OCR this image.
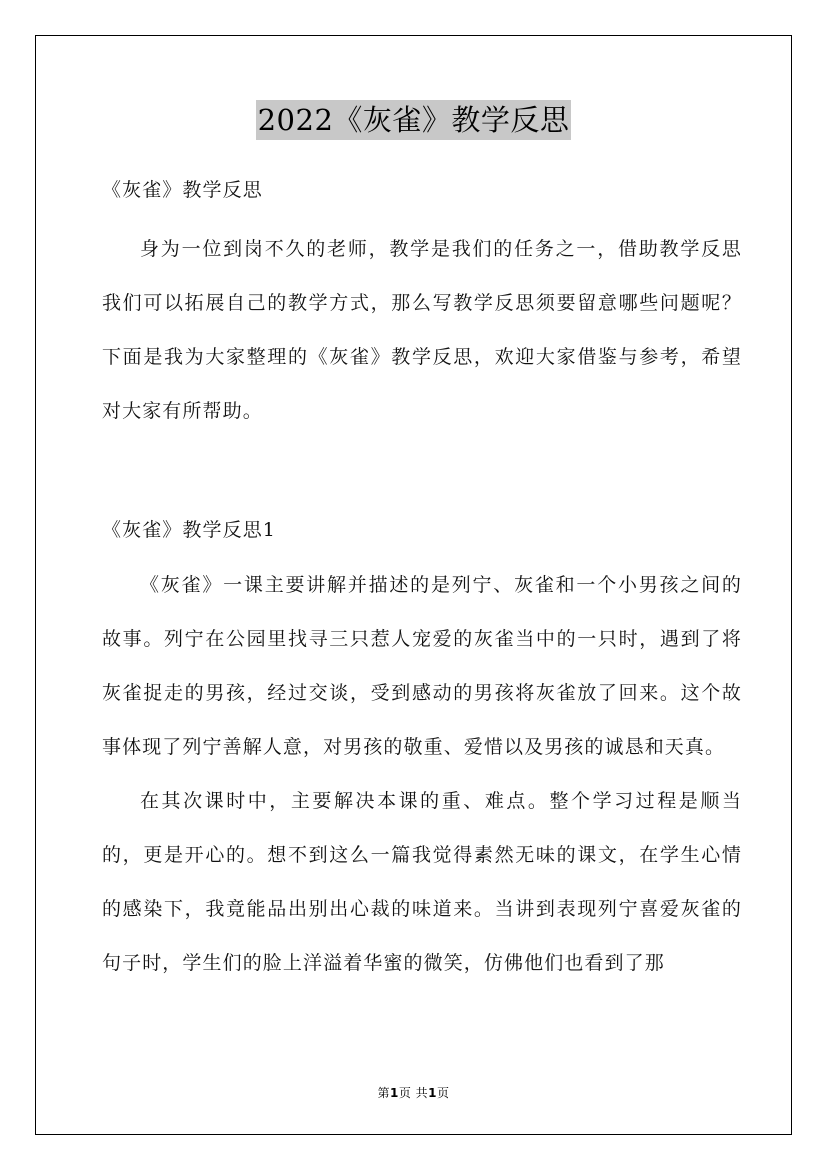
2022《灰雀》教学反思
《灰雀》教学反思

身为一位到岗不久的老师，教学是我们的任务之一，借助教学反思我们可以拓展自己的教学方式，那么写教学反思须要留意哪些问题呢？下面是我为大家整理的《灰雀》教学反思，欢迎大家借鉴与参考，希望对大家有所帮助。

《灰雀》教学反思1

《灰雀》一课主要讲解并描述的是列宁、灰雀和一个小男孩之间的故事。列宁在公园里找寻三只惹人宠爱的灰雀当中的一只时，遇到了将灰雀捉走的男孩，经过交谈，受到感动的男孩将灰雀放了回来。这个故事体现了列宁善解人意，对男孩的敬重、爱惜以及男孩的诚恳和天真。

在其次课时中，主要解决本课的重、难点。整个学习过程是顺当的，更是开心的。想不到这么一篇我觉得素然无味的课文，在学生心情的感染下，我竟能品出别出心裁的味道来。当讲到表现列宁喜爱灰雀的句子时，学生们的脸上洋溢着华蜜的微笑，仿佛他们也看到了那

第1页 共1页
